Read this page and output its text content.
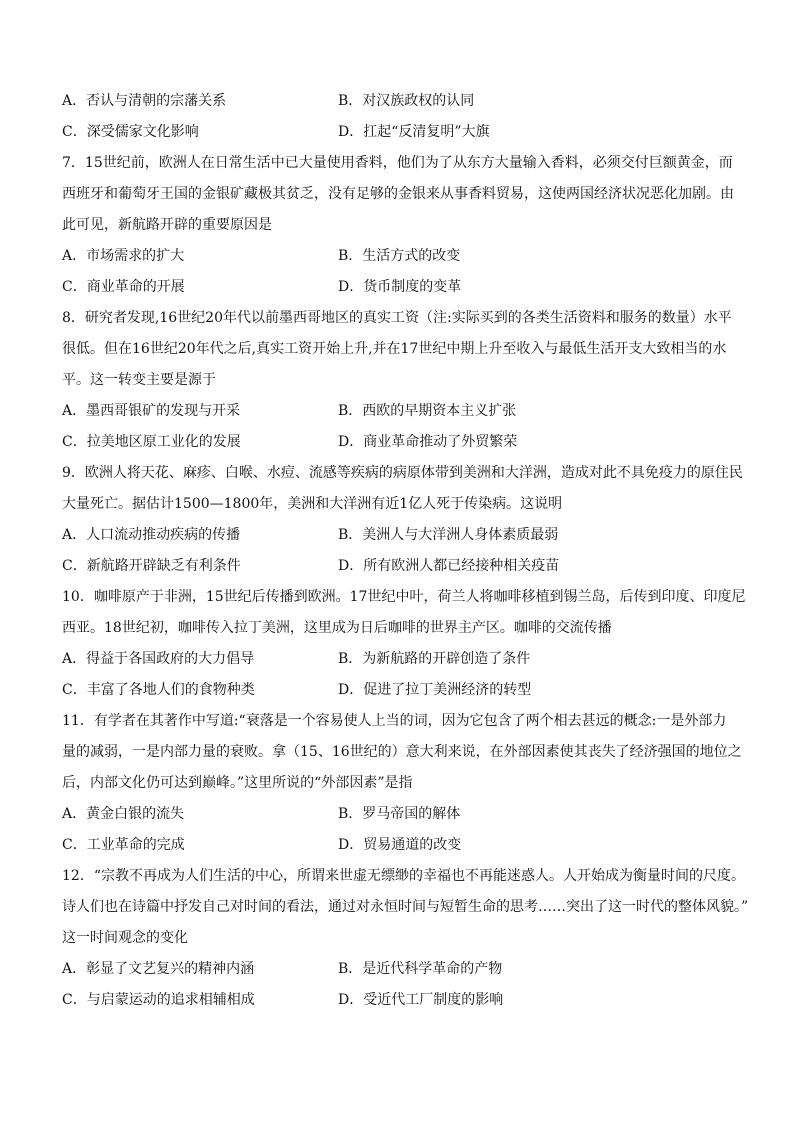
A．否认与清朝的宗藩关系	B．对汉族政权的认同
C．深受儒家文化影响	D．扛起“反清复明”大旗
7．15世纪前，欧洲人在日常生活中已大量使用香料，他们为了从东方大量输入香料，必须交付巨额黄金，而
西班牙和葡萄牙王国的金银矿藏极其贫乏，没有足够的金银来从事香料贸易，这使两国经济状况恶化加剧。由
此可见，新航路开辟的重要原因是
A．市场需求的扩大	B．生活方式的改变
C．商业革命的开展	D．货币制度的变革
8．研究者发现,16世纪20年代以前墨西哥地区的真实工资（注:实际买到的各类生活资料和服务的数量）水平
很低。但在16世纪20年代之后,真实工资开始上升,并在17世纪中期上升至收入与最低生活开支大致相当的水
平。这一转变主要是源于
A．墨西哥银矿的发现与开采	B．西欧的早期资本主义扩张
C．拉美地区原工业化的发展	D．商业革命推动了外贸繁荣
9．欧洲人将天花、麻疹、白喉、水痘、流感等疾病的病原体带到美洲和大洋洲，造成对此不具免疫力的原住民
大量死亡。据估计1500—1800年，美洲和大洋洲有近1亿人死于传染病。这说明
A．人口流动推动疾病的传播	B．美洲人与大洋洲人身体素质最弱
C．新航路开辟缺乏有利条件	D．所有欧洲人都已经接种相关疫苗
10．咖啡原产于非洲，15世纪后传播到欧洲。17世纪中叶，荷兰人将咖啡移植到锡兰岛，后传到印度、印度尼
西亚。18世纪初，咖啡传入拉丁美洲，这里成为日后咖啡的世界主产区。咖啡的交流传播
A．得益于各国政府的大力倡导	B．为新航路的开辟创造了条件
C．丰富了各地人们的食物种类	D．促进了拉丁美洲经济的转型
11．有学者在其著作中写道:“衰落是一个容易使人上当的词，因为它包含了两个相去甚远的概念:一是外部力
量的减弱，一是内部力量的衰败。拿（15、16世纪的）意大利来说，在外部因素使其丧失了经济强国的地位之
后，内部文化仍可达到巅峰。”这里所说的“外部因素”是指
A．黄金白银的流失	B．罗马帝国的解体
C．工业革命的完成	D．贸易通道的改变
12．“宗教不再成为人们生活的中心，所谓来世虚无缥缈的幸福也不再能迷惑人。人开始成为衡量时间的尺度。
诗人们也在诗篇中抒发自己对时间的看法，通过对永恒时间与短暂生命的思考……突出了这一时代的整体风貌。”
这一时间观念的变化
A．彰显了文艺复兴的精神内涵	B．是近代科学革命的产物
C．与启蒙运动的追求相辅相成	D．受近代工厂制度的影响
